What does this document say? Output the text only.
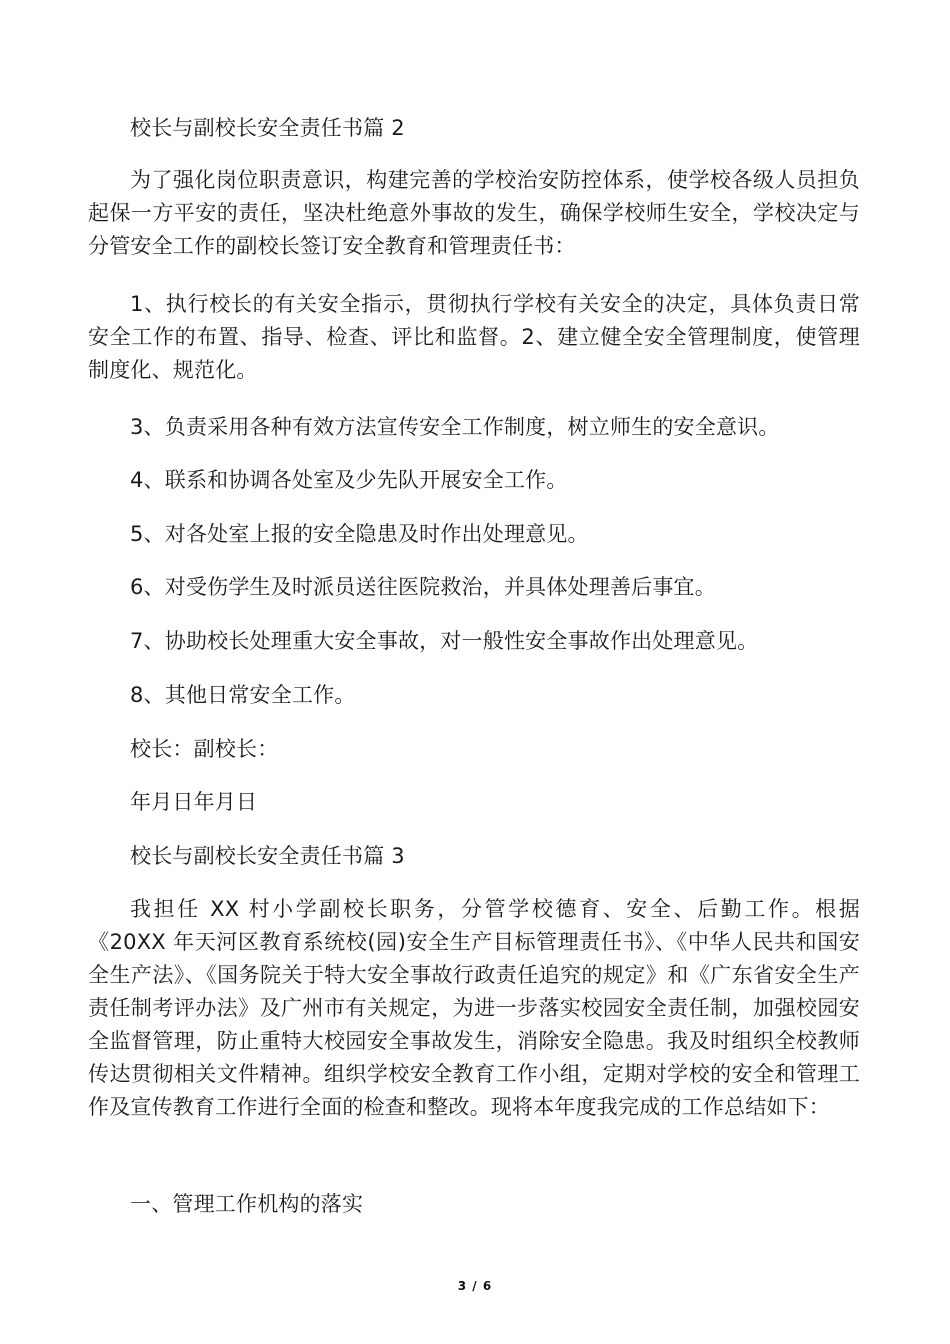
校长与副校长安全责任书篇 2

为了强化岗位职责意识，构建完善的学校治安防控体系，使学校各级人员担负起保一方平安的责任，坚决杜绝意外事故的发生，确保学校师生安全，学校决定与分管安全工作的副校长签订安全教育和管理责任书：

1、执行校长的有关安全指示，贯彻执行学校有关安全的决定，具体负责日常安全工作的布置、指导、检查、评比和监督。2、建立健全安全管理制度，使管理制度化、规范化。

3、负责采用各种有效方法宣传安全工作制度，树立师生的安全意识。

4、联系和协调各处室及少先队开展安全工作。

5、对各处室上报的安全隐患及时作出处理意见。

6、对受伤学生及时派员送往医院救治，并具体处理善后事宜。

7、协助校长处理重大安全事故，对一般性安全事故作出处理意见。

8、其他日常安全工作。

校长：副校长：

年月日年月日

校长与副校长安全责任书篇 3

我担任 XX 村小学副校长职务，分管学校德育、安全、后勤工作。根据《20XX 年天河区教育系统校(园)安全生产目标管理责任书》、《中华人民共和国安全生产法》、《国务院关于特大安全事故行政责任追究的规定》和《广东省安全生产责任制考评办法》及广州市有关规定，为进一步落实校园安全责任制，加强校园安全监督管理，防止重特大校园安全事故发生，消除安全隐患。我及时组织全校教师传达贯彻相关文件精神。组织学校安全教育工作小组，定期对学校的安全和管理工作及宣传教育工作进行全面的检查和整改。现将本年度我完成的工作总结如下：

一、管理工作机构的落实

3 / 6
